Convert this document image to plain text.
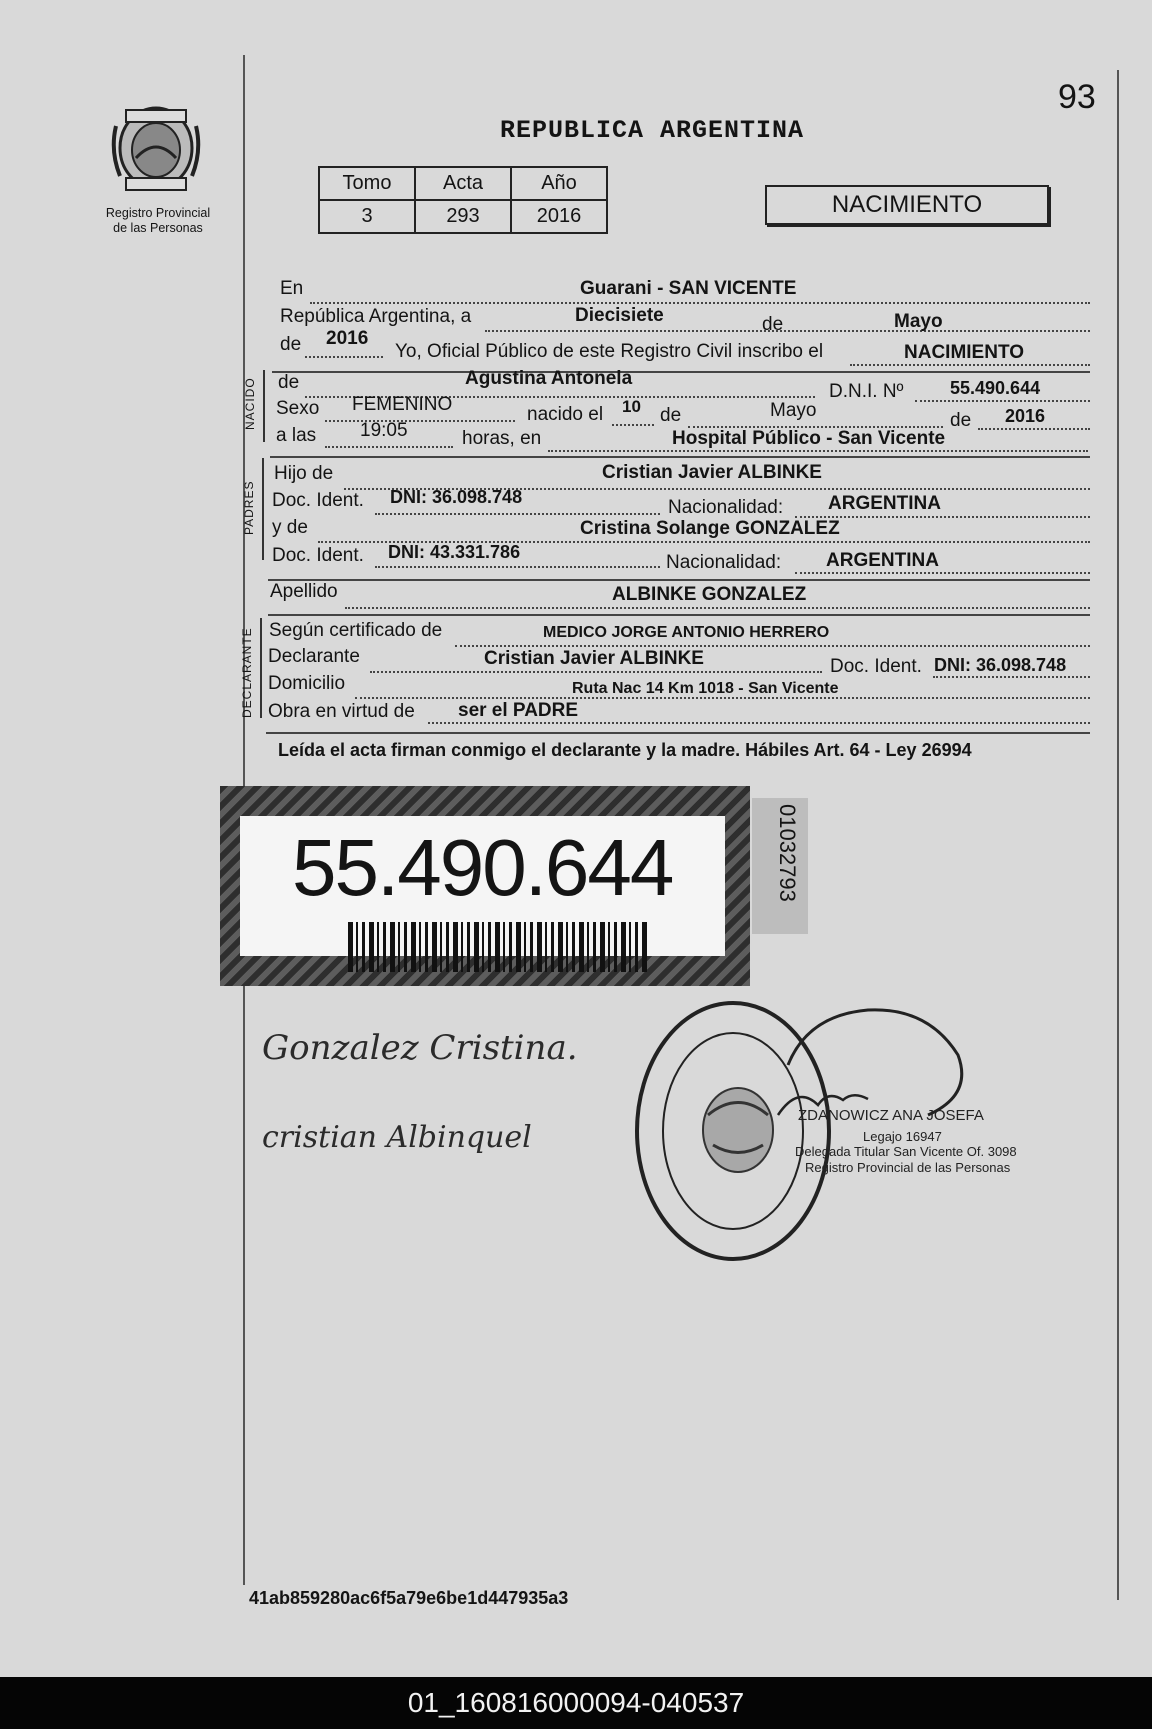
Registro Provincial
de las Personas
93
REPUBLICA ARGENTINA
Tomo	Acta	Año
3	293	2016	NACIMIENTO
En	Guarani - SAN VICENTE
República Argentina, a	Diecisiete	de	Mayo
de 2016
Yo, Oficial Público de este Registro Civil inscribo el	NACIMIENTO
NACIDO de	Agustina Antonela
D.N.I. Nº	55.490.644
Sexo FEMENINO	nacido el 10 de	Mayo	de 2016
a las 19:05	horas, en	Hospital Público - San Vicente
PADRES
Hijo de	Cristian Javier ALBINKE
Doc. Ident. DNI: 36.098.748	Nacionalidad: ARGENTINA
y de	Cristina Solange GONZALEZ
Doc. Ident. DNI: 43.331.786	Nacionalidad: ARGENTINA
Apellido	ALBINKE GONZALEZ
DECLARANTE Según certificado de	MEDICO JORGE ANTONIO HERRERO
Declarante	Cristian Javier ALBINKE	Doc. Ident. DNI: 36.098.748
Domicilio	Ruta Nac 14 Km 1018 - San Vicente
Obra en virtud de ser el PADRE
Leída el acta firman conmigo el declarante y la madre. Hábiles Art. 64 - Ley 26994
55.490.644	01032793
Gonzalez Cristina.
cristian Albinquel
ZDANOWICZ ANA JOSEFA
Legajo 16947
Delegada Titular San Vicente Of. 3098
Registro Provincial de las Personas
41ab859280ac6f5a79e6be1d447935a3
01_160816000094-040537
